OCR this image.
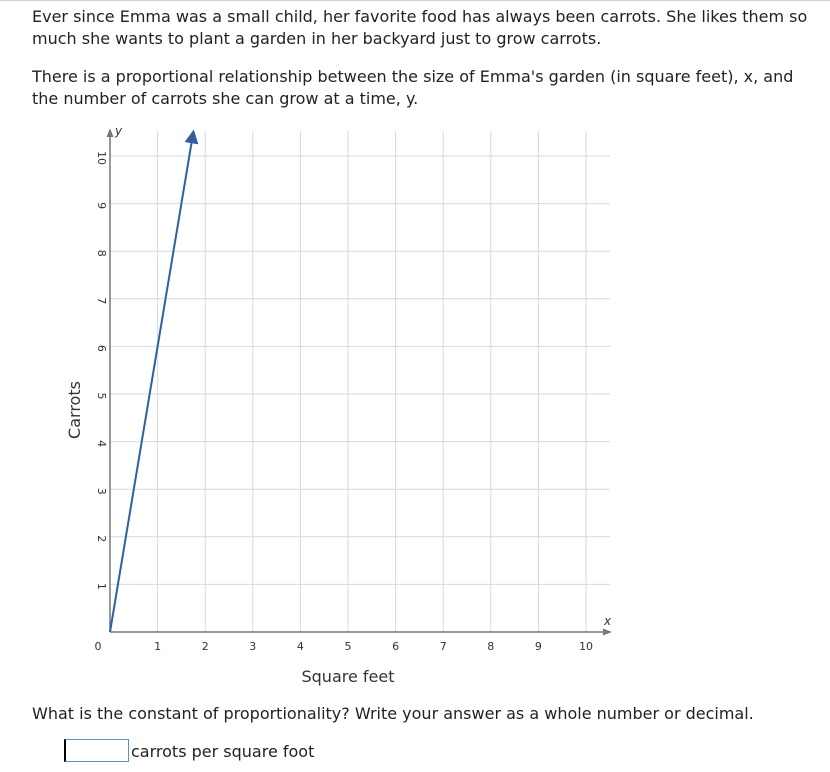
Ever since Emma was a small child, her favorite food has always been carrots. She likes them so much she wants to plant a garden in her backyard just to grow carrots.

There is a proportional relationship between the size of Emma's garden (in square feet), x, and the number of carrots she can grow at a time, y.

1	2	3	4	5	6	7	8	9	10
1
2
3
4
5
6
7
8
9
10
0
x
y
Square feet
Carrots
What is the constant of proportionality? Write your answer as a whole number or decimal.
carrots per square foot
